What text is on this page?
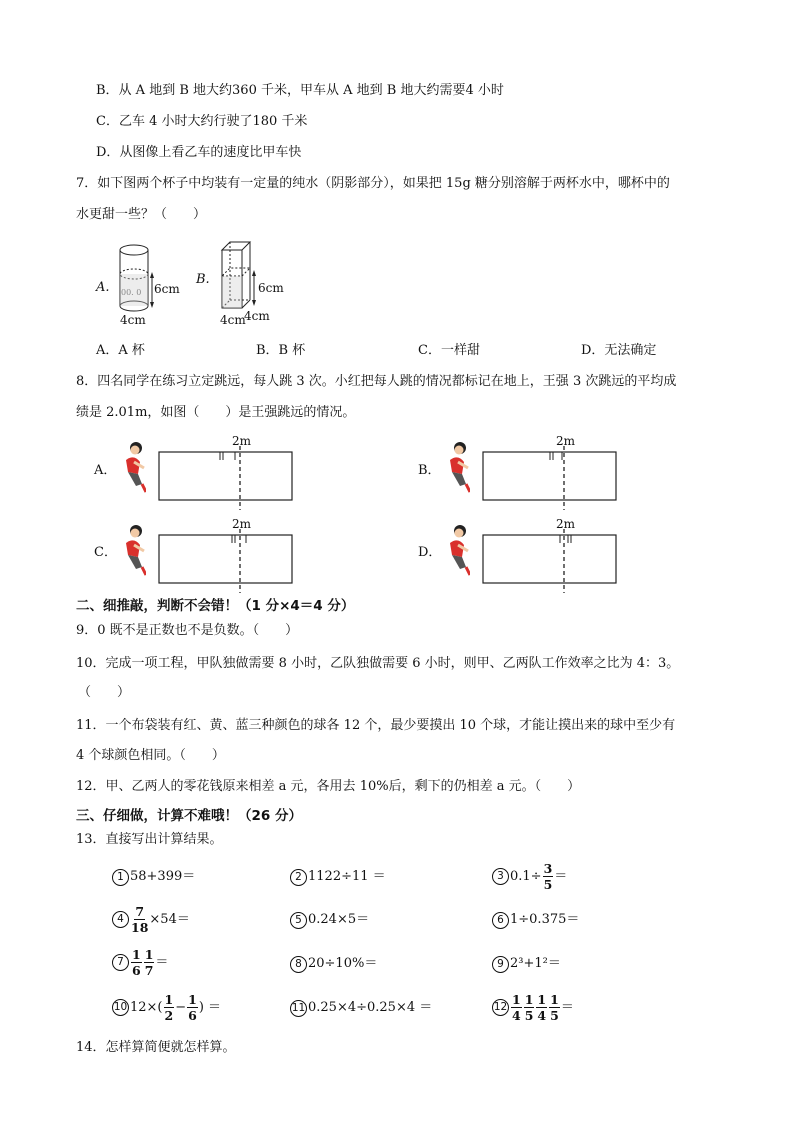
B．从 A 地到 B 地大约360 千米，甲车从 A 地到 B 地大约需要4 小时
C．乙车 4 小时大约行驶了180 千米
D．从图像上看乙车的速度比甲车快
7．如下图两个杯子中均装有一定量的纯水（阴影部分），如果把 15g 糖分别溶解于两杯水中，哪杯中的
水更甜一些？（　　）
A. 00. 0 6cm
4cm
B.
6cm
4cm
4cm
A．A 杯	B．B 杯	C．一样甜	D．无法确定
8．四名同学在练习立定跳远，每人跳 3 次。小红把每人跳的情况都标记在地上，王强 3 次跳远的平均成
绩是 2.01m，如图（　　）是王强跳远的情况。
A．
2m
B．
2m
C．
2m
D．
2m
二、细推敲，判断不会错！（1 分×4＝4 分）
9．0 既不是正数也不是负数。（　　）
10．完成一项工程，甲队独做需要 8 小时，乙队独做需要 6 小时，则甲、乙两队工作效率之比为 4：3。
（　　）
11．一个布袋装有红、黄、蓝三种颜色的球各 12 个，最少要摸出 10 个球，才能让摸出来的球中至少有
4 个球颜色相同。（　　）
12．甲、乙两人的零花钱原来相差 a 元，各用去 10%后，剩下的仍相差 a 元。（　　）
三、仔细做，计算不难哦！（26 分）
13．直接写出计算结果。
1 58+399＝	2 1122÷11 ＝	3 $0.1\div \frac{3}{5}$ ＝
$4 \frac{7}{18} \times 54=$	5 0.24×5＝	6 1÷0.375＝
$7 \frac{1}{6} \frac{1}{7}$ ＝	8 20÷10%＝	9 2³+1²＝
10 $12\times( \frac{1}{2} - \frac{1}{6}$ ) ＝	11 0.25×4÷0.25×4 ＝	$12 \frac{1}{4} \frac{1}{5} \frac{1}{4} \frac{1}{5}$ ＝
14．怎样算简便就怎样算。
